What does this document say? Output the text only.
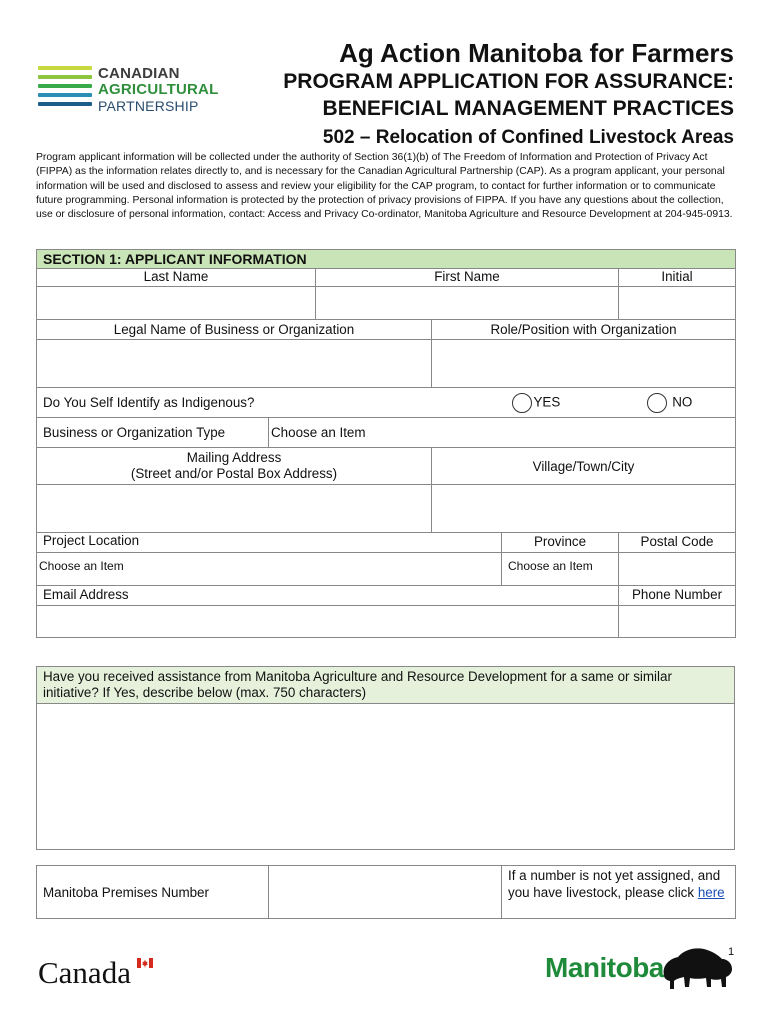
CANADIAN
AGRICULTURAL
PARTNERSHIP
Ag Action Manitoba for Farmers
PROGRAM APPLICATION FOR ASSURANCE:
BENEFICIAL MANAGEMENT PRACTICES
502 – Relocation of Confined Livestock Areas
Program applicant information will be collected under the authority of Section 36(1)(b) of The Freedom of Information and Protection of Privacy Act (FIPPA) as the information relates directly to, and is necessary for the Canadian Agricultural Partnership (CAP). As a program applicant, your personal information will be used and disclosed to assess and review your eligibility for the CAP program, to contact for further information or to communicate future programming. Personal information is protected by the protection of privacy provisions of FIPPA. If you have any questions about the collection, use or disclosure of personal information, contact: Access and Privacy Co-ordinator, Manitoba Agriculture and Resource Development at 204-945-0913.
SECTION 1: APPLICANT INFORMATION					
Last Name		First Name			Initial

Legal Name of Business or Organization			Role/Position with Organization		

Do You Self Identify as Indigenous?				YES	NO
Business or Organization Type	Choose an Item				

Mailing Address
(Street and/or Postal Box Address)			Village/Town/City		

Project Location				Province	Postal Code
Choose an Item				Choose an Item	
Email Address					Phone Number

Have you received assistance from Manitoba Agriculture and Resource Development for a same or similar initiative? If Yes, describe below (max. 750 characters)

Manitoba Premises Number		If a number is not yet assigned, and you have livestock, please click here
Canada	Manitoba	1
